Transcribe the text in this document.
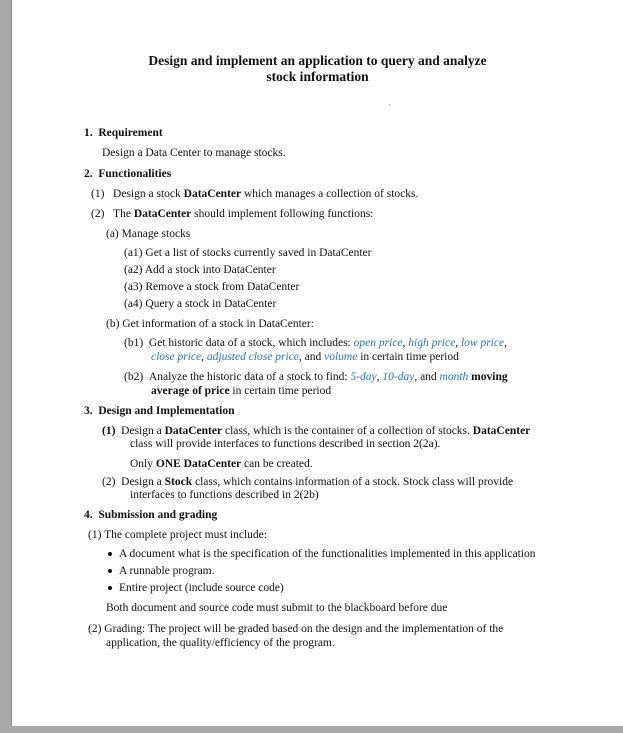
Design and implement an application to query and analyze
stock information
1. Requirement
Design a Data Center to manage stocks.
2. Functionalities
(1) Design a stock DataCenter which manages a collection of stocks.
(2) The DataCenter should implement following functions:
(a) Manage stocks
(a1) Get a list of stocks currently saved in DataCenter
(a2) Add a stock into DataCenter
(a3) Remove a stock from DataCenter
(a4) Query a stock in DataCenter
(b) Get information of a stock in DataCenter:
(b1) Get historic data of a stock, which includes: open price, high price, low price,
close price, adjusted close price, and volume in certain time period
(b2) Analyze the historic data of a stock to find: 5-day, 10-day, and month moving
average of price in certain time period
3. Design and Implementation
(1) Design a DataCenter class, which is the container of a collection of stocks. DataCenter
class will provide interfaces to functions described in section 2(2a).
Only ONE DataCenter can be created.
(2) Design a Stock class, which contains information of a stock. Stock class will provide
interfaces to functions described in 2(2b)
4. Submission and grading
(1) The complete project must include:
A document what is the specification of the functionalities implemented in this application
A runnable program.
Entire project (include source code)
Both document and source code must submit to the blackboard before due
(2) Grading: The project will be graded based on the design and the implementation of the
application, the quality/efficiency of the program.
